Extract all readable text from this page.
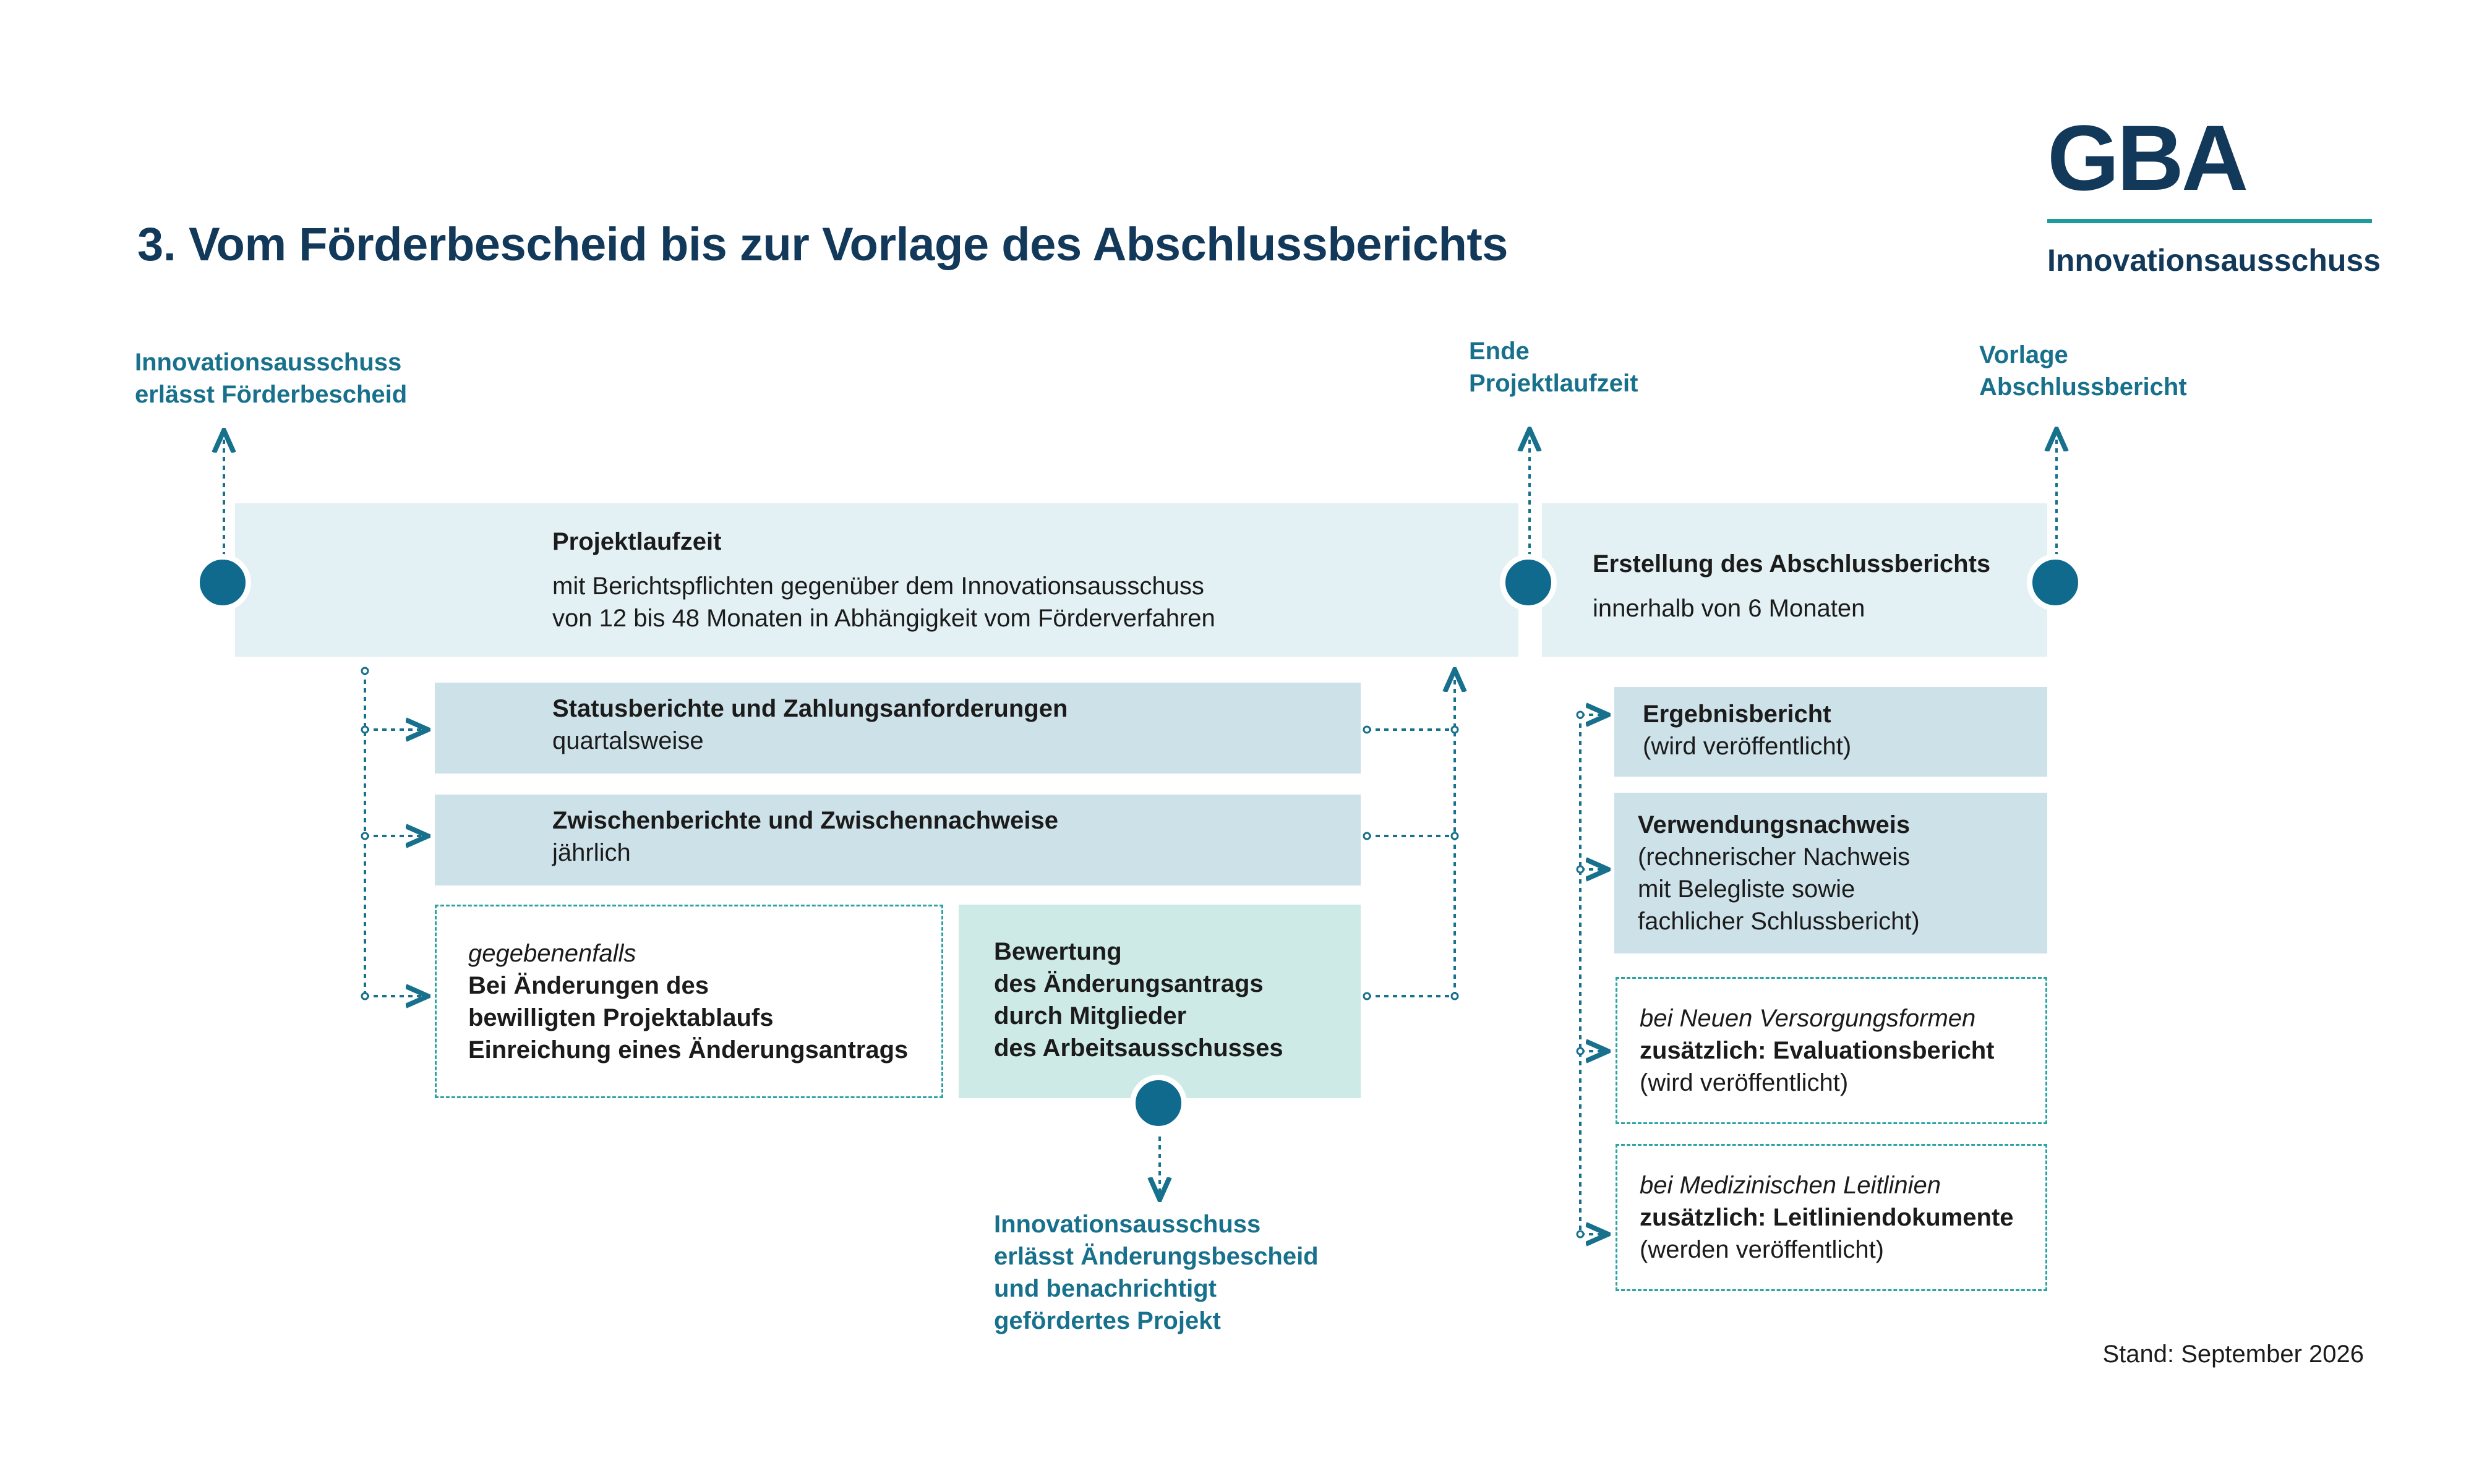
3. Vom Förderbescheid bis zur Vorlage des Abschlussberichts
GBA
Innovationsausschuss
Innovationsausschuss
erlässt Förderbescheid
Ende
Projektlaufzeit
Vorlage
Abschlussbericht
Projektlaufzeit
mit Berichtspflichten gegenüber dem Innovationsausschuss
von 12 bis 48 Monaten in Abhängigkeit vom Förderverfahren
Erstellung des Abschlussberichts
innerhalb von 6 Monaten
Statusberichte und Zahlungsanforderungen
quartalsweise
Zwischenberichte und Zwischennachweise
jährlich
gegebenenfalls
Bei Änderungen des
bewilligten Projektablaufs
Einreichung eines Änderungsantrags
Bewertung
des Änderungsantrags
durch Mitglieder
des Arbeitsausschusses
Innovationsausschuss
erlässt Änderungsbescheid
und benachrichtigt
gefördertes Projekt
Ergebnisbericht
(wird veröffentlicht)
Verwendungsnachweis
(rechnerischer Nachweis
mit Belegliste sowie
fachlicher Schlussbericht)
bei Neuen Versorgungsformen
zusätzlich: Evaluationsbericht
(wird veröffentlicht)
bei Medizinischen Leitlinien
zusätzlich: Leitliniendokumente
(werden veröffentlicht)
Stand: September 2026
